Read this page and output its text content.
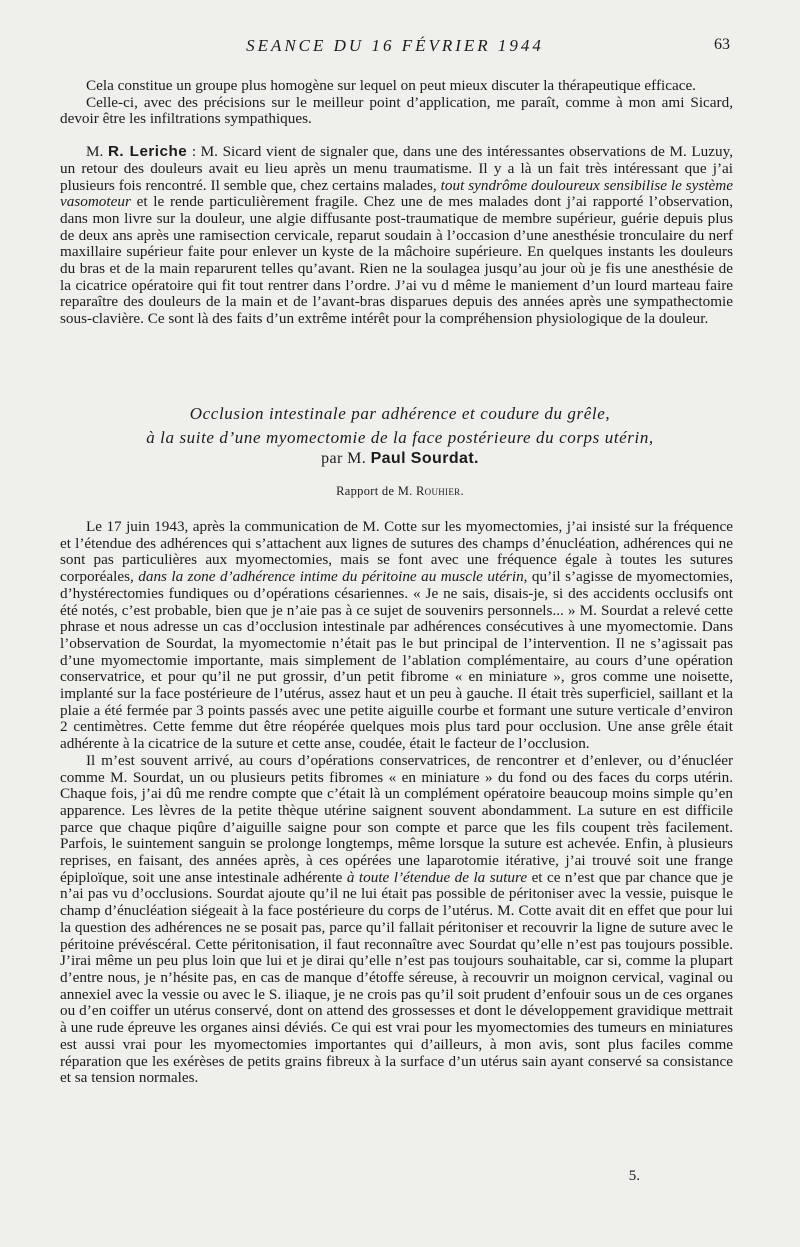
SEANCE DU 16 FÉVRIER 1944	63

Cela constitue un groupe plus homogène sur lequel on peut mieux discuter la thérapeutique efficace.

Celle-ci, avec des précisions sur le meilleur point d’application, me paraît, comme à mon ami Sicard, devoir être les infiltrations sympathiques.

M. R. Leriche : M. Sicard vient de signaler que, dans une des intéressantes observations de M. Luzuy, un retour des douleurs avait eu lieu après un menu traumatisme. Il y a là un fait très intéressant que j’ai plusieurs fois rencontré. Il semble que, chez certains malades, tout syndrôme douloureux sensibilise le système vasomoteur et le rende particulièrement fragile. Chez une de mes malades dont j’ai rapporté l’observation, dans mon livre sur la douleur, une algie diffusante post-traumatique de membre supérieur, guérie depuis plus de deux ans après une ramisection cervicale, reparut soudain à l’occasion d’une anesthésie tronculaire du nerf maxillaire supérieur faite pour enlever un kyste de la mâchoire supérieure. En quelques instants les douleurs du bras et de la main reparurent telles qu’avant. Rien ne la soulagea jusqu’au jour où je fis une anesthésie de la cicatrice opératoire qui fit tout rentrer dans l’ordre. J’ai vu d même le maniement d’un lourd marteau faire reparaître des douleurs de la main et de l’avant-bras disparues depuis des années après une sympathectomie sous-clavière. Ce sont là des faits d’un extrême intérêt pour la compréhension physiologique de la douleur.

Occlusion intestinale par adhérence et coudure du grêle,
à la suite d’une myomectomie de la face postérieure du corps utérin,
par M. Paul Sourdat.
Rapport de M. Rouhier.

Le 17 juin 1943, après la communication de M. Cotte sur les myomectomies, j’ai insisté sur la fréquence et l’étendue des adhérences qui s’attachent aux lignes de sutures des champs d’énucléation, adhérences qui ne sont pas particulières aux myomectomies, mais se font avec une fréquence égale à toutes les sutures corporéales, dans la zone d’adhérence intime du péritoine au muscle utérin, qu’il s’agisse de myomectomies, d’hystérectomies fundiques ou d’opérations césariennes. « Je ne sais, disais-je, si des accidents occlusifs ont été notés, c’est probable, bien que je n’aie pas à ce sujet de souvenirs personnels... » M. Sourdat a relevé cette phrase et nous adresse un cas d’occlusion intestinale par adhérences consécutives à une myomectomie. Dans l’observation de Sourdat, la myomectomie n’était pas le but principal de l’intervention. Il ne s’agissait pas d’une myomectomie importante, mais simplement de l’ablation complémentaire, au cours d’une opération conservatrice, et pour qu’il ne put grossir, d’un petit fibrome « en miniature », gros comme une noisette, implanté sur la face postérieure de l’utérus, assez haut et un peu à gauche. Il était très superficiel, saillant et la plaie a été fermée par 3 points passés avec une petite aiguille courbe et formant une suture verticale d’environ 2 centimètres. Cette femme dut être réopérée quelques mois plus tard pour occlusion. Une anse grêle était adhérente à la cicatrice de la suture et cette anse, coudée, était le facteur de l’occlusion.

Il m’est souvent arrivé, au cours d’opérations conservatrices, de rencontrer et d’enlever, ou d’énucléer comme M. Sourdat, un ou plusieurs petits fibromes « en miniature » du fond ou des faces du corps utérin. Chaque fois, j’ai dû me rendre compte que c’était là un complément opératoire beaucoup moins simple qu’en apparence. Les lèvres de la petite thèque utérine saignent souvent abondamment. La suture en est difficile parce que chaque piqûre d’aiguille saigne pour son compte et parce que les fils coupent très facilement. Parfois, le suintement sanguin se prolonge longtemps, même lorsque la suture est achevée. Enfin, à plusieurs reprises, en faisant, des années après, à ces opérées une laparotomie itérative, j’ai trouvé soit une frange épiploïque, soit une anse intestinale adhérente à toute l’étendue de la suture et ce n’est que par chance que je n’ai pas vu d’occlusions. Sourdat ajoute qu’il ne lui était pas possible de péritoniser avec la vessie, puisque le champ d’énucléation siégeait à la face postérieure du corps de l’utérus. M. Cotte avait dit en effet que pour lui la question des adhérences ne se posait pas, parce qu’il fallait péritoniser et recouvrir la ligne de suture avec le péritoine prévéscéral. Cette péritonisation, il faut reconnaître avec Sourdat qu’elle n’est pas toujours possible. J’irai même un peu plus loin que lui et je dirai qu’elle n’est pas toujours souhaitable, car si, comme la plupart d’entre nous, je n’hésite pas, en cas de manque d’étoffe séreuse, à recouvrir un moignon cervical, vaginal ou annexiel avec la vessie ou avec le S. iliaque, je ne crois pas qu’il soit prudent d’enfouir sous un de ces organes ou d’en coiffer un utérus conservé, dont on attend des grossesses et dont le développement gravidique mettrait à une rude épreuve les organes ainsi déviés. Ce qui est vrai pour les myomectomies des tumeurs en miniatures est aussi vrai pour les myomectomies importantes qui d’ailleurs, à mon avis, sont plus faciles comme réparation que les exérèses de petits grains fibreux à la surface d’un utérus sain ayant conservé sa consistance et sa tension normales.

5.
